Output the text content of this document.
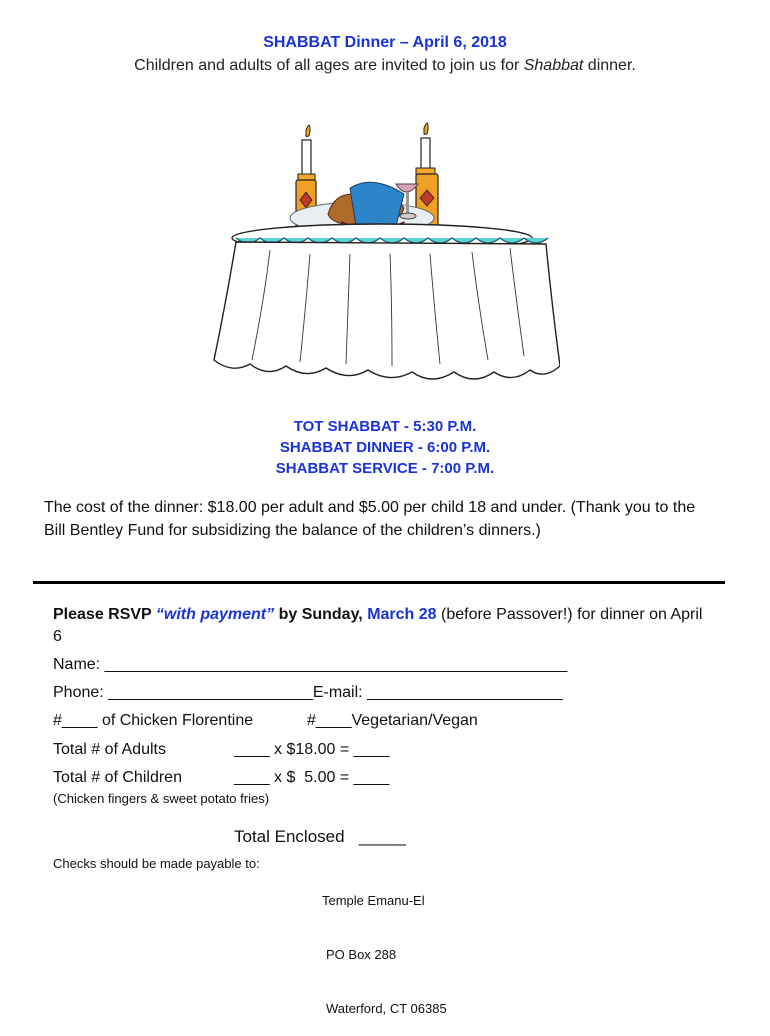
SHABBAT Dinner – April 6, 2018
Children and adults of all ages are invited to join us for Shabbat dinner.
TOT SHABBAT - 5:30 P.M.
SHABBAT DINNER - 6:00 P.M.
SHABBAT SERVICE - 7:00 P.M.
The cost of the dinner: $18.00 per adult and $5.00 per child 18 and under. (Thank you to the Bill Bentley Fund for subsidizing the balance of the children’s dinners.)
Please RSVP “with payment” by Sunday, March 28 (before Passover!) for dinner on April 6
Name: ____________________________________________________
Phone: _______________________E-mail: ______________________
#____ of Chicken Florentine	#____Vegetarian/Vegan
Total # of Adults	____ x $18.00 = ____
Total # of Children	____ x $  5.00 = ____
(Chicken fingers & sweet potato fries)
Total Enclosed   _____
Checks should be made payable to:

Temple Emanu-El

PO Box 288

Waterford, CT 06385
